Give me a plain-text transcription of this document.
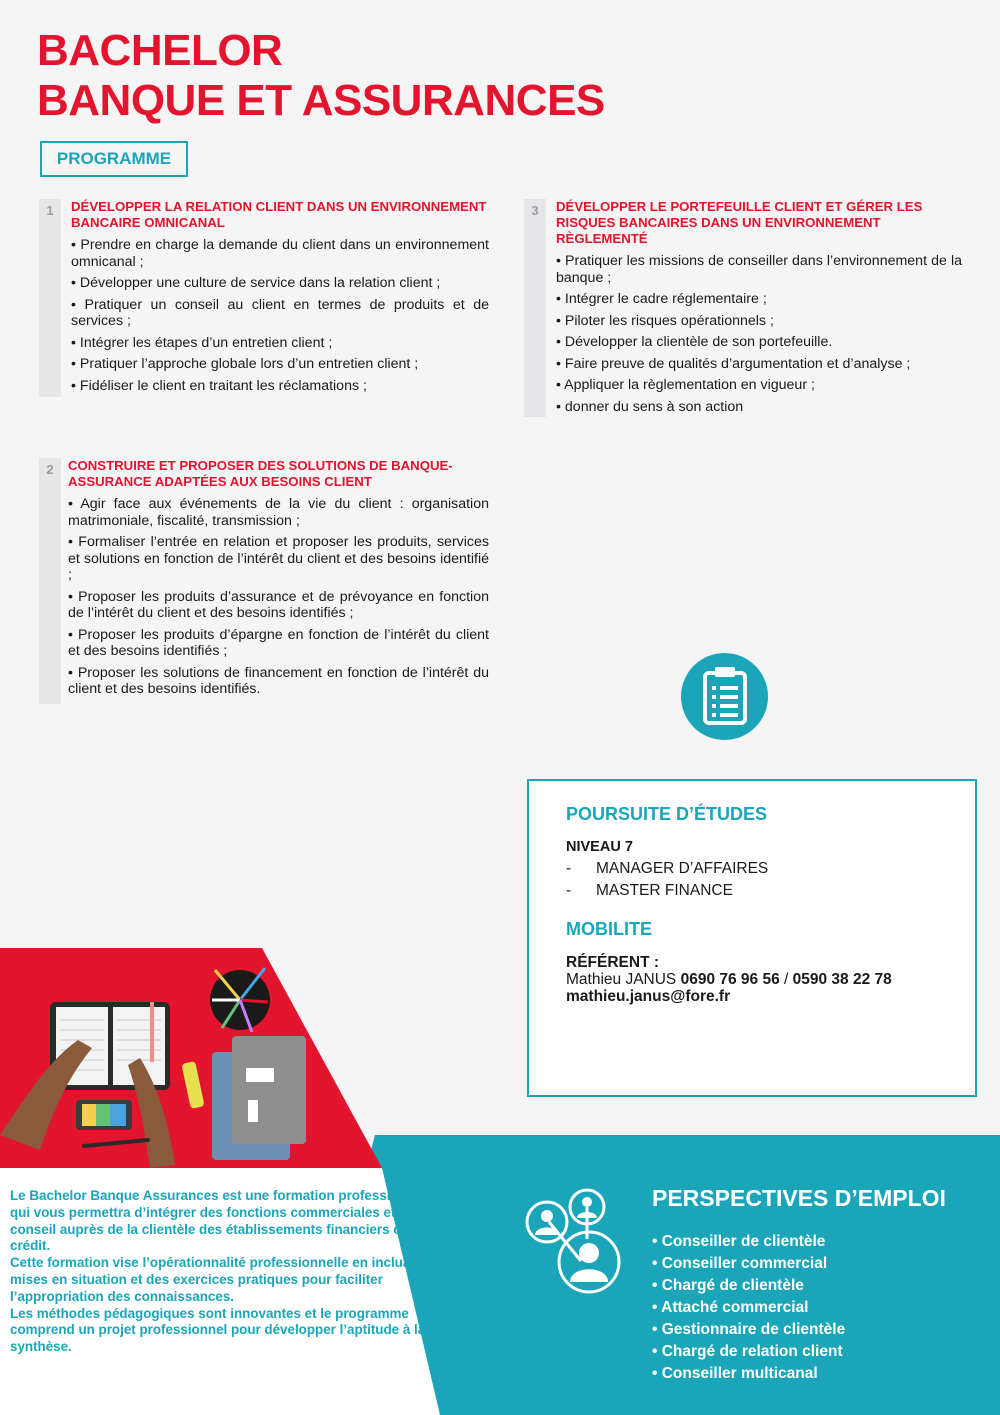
BACHELOR
BANQUE ET ASSURANCES
PROGRAMME
1	DÉVELOPPER LA RELATION CLIENT DANS UN ENVIRONNEMENT BANCAIRE OMNICANAL
• Prendre en charge la demande du client dans un environnement omnicanal ;
• Développer une culture de service dans la relation client ;
• Pratiquer un conseil au client en termes de produits et de services ;
• Intégrer les étapes d’un entretien client ;
• Pratiquer l’approche globale lors d’un entretien client ;
• Fidéliser le client en traitant les réclamations ;
2	CONSTRUIRE ET PROPOSER DES SOLUTIONS DE BANQUE-ASSURANCE ADAPTÉES AUX BESOINS CLIENT
• Agir face aux événements de la vie du client : organisation matrimoniale, fiscalité, transmission ;
• Formaliser l’entrée en relation et proposer les produits, services et solutions en fonction de l’intérêt du client et des besoins identifié ;
• Proposer les produits d’assurance et de prévoyance en fonction de l’intérêt du client et des besoins identifiés ;
• Proposer les produits d’épargne en fonction de l’intérêt du client et des besoins identifiés ;
• Proposer les solutions de financement en fonction de l’intérêt du client et des besoins identifiés.
3	DÉVELOPPER LE PORTEFEUILLE CLIENT ET GÉRER LES RISQUES BANCAIRES DANS UN ENVIRONNEMENT RÈGLEMENTÉ
• Pratiquer les missions de conseiller dans l’environnement de la banque ;
• Intégrer le cadre réglementaire ;
• Piloter les risques opérationnels ;
• Développer la clientèle de son portefeuille.
• Faire preuve de qualités d’argumentation et d’analyse ;
• Appliquer la règlementation en vigueur ;
• donner du sens à son action
POURSUITE D’ÉTUDES
NIVEAU 7
- MANAGER D’AFFAIRES
- MASTER FINANCE
MOBILITE
RÉFÉRENT :
Mathieu JANUS 0690 76 96 56 / 0590 38 22 78
mathieu.janus@fore.fr
Le Bachelor Banque Assurances est une formation professionnelle qui vous permettra d’intégrer des fonctions commerciales et de conseil auprès de la clientèle des établissements financiers ou de crédit.
Cette formation vise l’opérationnalité professionnelle en incluant des mises en situation et des exercices pratiques pour faciliter l’appropriation des connaissances.
Les méthodes pédagogiques sont innovantes et le programme comprend un projet professionnel pour développer l’aptitude à la synthèse.
PERSPECTIVES D’EMPLOI
• Conseiller de clientèle
• Conseiller commercial
• Chargé de clientèle
• Attaché commercial
• Gestionnaire de clientèle
• Chargé de relation client
• Conseiller multicanal
